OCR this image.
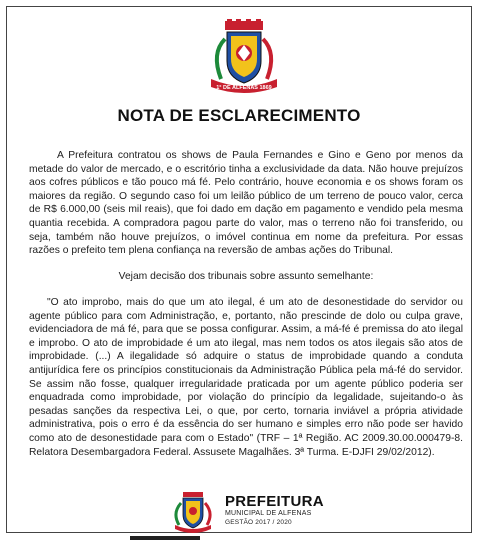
1° DE ALFENAS 1869
NOTA DE ESCLARECIMENTO

A Prefeitura contratou os shows de Paula Fernandes e Gino e Geno por menos da metade do valor de mercado, e o escritório tinha a exclusividade da data. Não houve prejuízos aos cofres públicos e tão pouco má fé. Pelo contrário, houve economia e os shows foram os maiores da região. O segundo caso foi um leilão público de um terreno de pouco valor, cerca de R$ 6.000,00 (seis mil reais), que foi dado em dação em pagamento e vendido pela mesma quantia recebida. A compradora pagou parte do valor, mas o terreno não foi transferido, ou seja, também não houve prejuízos, o imóvel continua em nome da prefeitura. Por essas razões o prefeito tem plena confiança na reversão de ambas ações do Tribunal.

Vejam decisão dos tribunais sobre assunto semelhante:

"O ato improbo, mais do que um ato ilegal, é um ato de desonestidade do servidor ou agente público para com Administração, e, portanto, não prescinde de dolo ou culpa grave, evidenciadora de má fé, para que se possa configurar. Assim, a má-fé é premissa do ato ilegal e improbo. O ato de improbidade é um ato ilegal, mas nem todos os atos ilegais são atos de improbidade. (...) A ilegalidade só adquire o status de improbidade quando a conduta antijurídica fere os princípios constitucionais da Administração Pública pela má-fé do servidor. Se assim não fosse, qualquer irregularidade praticada por um agente público poderia ser enquadrada como improbidade, por violação do princípio da legalidade, sujeitando-o às pesadas sanções da respectiva Lei, o que, por certo, tornaria inviável a própria atividade administrativa, pois o erro é da essência do ser humano e simples erro não pode ser havido como ato de desonestidade para com o Estado" (TRF – 1ª Região. AC 2009.30.00.000479-8. Relatora Desembargadora Federal. Assusete Magalhães. 3ª Turma. E-DJFI 29/02/2012).

PREFEITURA
MUNICIPAL DE ALFENAS
GESTÃO 2017 / 2020
